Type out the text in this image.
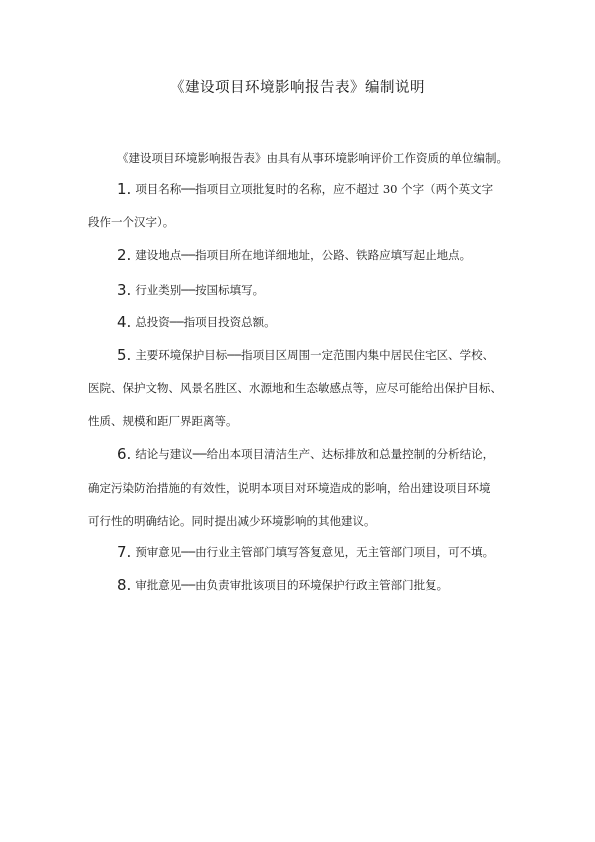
《建设项目环境影响报告表》编制说明
《建设项目环境影响报告表》由具有从事环境影响评价工作资质的单位编制。
1. 项目名称──指项目立项批复时的名称，应不超过 30 个字（两个英文字
段作一个汉字）。
2. 建设地点──指项目所在地详细地址，公路、铁路应填写起止地点。
3. 行业类别──按国标填写。
4. 总投资──指项目投资总额。
5. 主要环境保护目标──指项目区周围一定范围内集中居民住宅区、学校、
医院、保护文物、风景名胜区、水源地和生态敏感点等，应尽可能给出保护目标、
性质、规模和距厂界距离等。
6. 结论与建议──给出本项目清洁生产、达标排放和总量控制的分析结论，
确定污染防治措施的有效性，说明本项目对环境造成的影响，给出建设项目环境
可行性的明确结论。同时提出减少环境影响的其他建议。
7. 预审意见──由行业主管部门填写答复意见，无主管部门项目，可不填。
8. 审批意见──由负责审批该项目的环境保护行政主管部门批复。
